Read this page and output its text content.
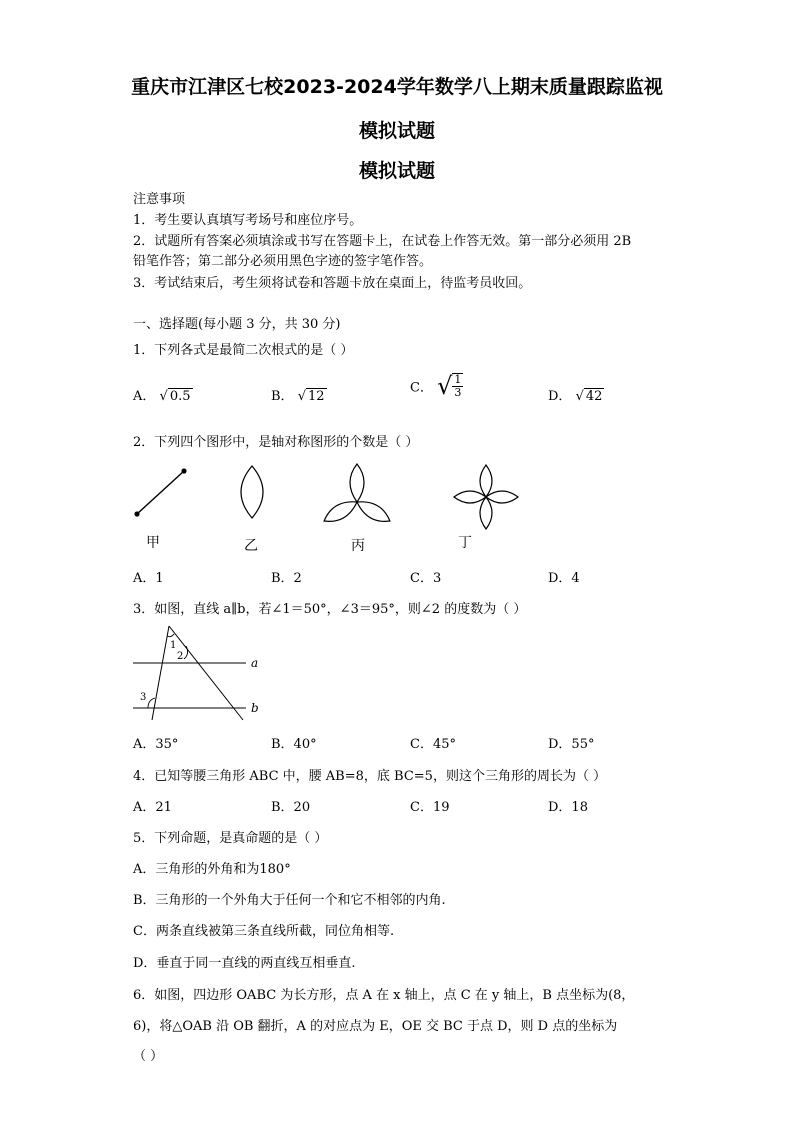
重庆市江津区七校2023-2024学年数学八上期末质量跟踪监视
模拟试题
模拟试题
注意事项
1．考生要认真填写考场号和座位序号。
2．试题所有答案必须填涂或书写在答题卡上，在试卷上作答无效。第一部分必须用 2B
铅笔作答；第二部分必须用黑色字迹的签字笔作答。
3．考试结束后，考生须将试卷和答题卡放在桌面上，待监考员收回。
一、选择题(每小题 3 分，共 30 分)
1．下列各式是最简二次根式的是（ ）
A． √ 0.5	B． √ 12
C． √ $\frac{1}{3}$	D． √ 42
2．下列四个图形中，是轴对称图形的个数是（ ）
甲	乙	丙	丁
A．1	B．2	C．3	D．4
3．如图，直线 a∥b，若∠1＝50°，∠3＝95°，则∠2 的度数为（ ）
1
2
3
a
b
A．35°	B．40°	C．45°	D．55°
4．已知等腰三角形 ABC 中，腰 AB=8，底 BC=5，则这个三角形的周长为（ ）
A．21	B．20	C．19	D．18
5．下列命题，是真命题的是（ ）
A．三角形的外角和为180°
B．三角形的一个外角大于任何一个和它不相邻的内角.
C．两条直线被第三条直线所截，同位角相等.
D．垂直于同一直线的两直线互相垂直.
6．如图，四边形 OABC 为长方形，点 A 在 x 轴上，点 C 在 y 轴上，B 点坐标为(8，
6)，将△OAB 沿 OB 翻折，A 的对应点为 E，OE 交 BC 于点 D，则 D 点的坐标为
（ ）
